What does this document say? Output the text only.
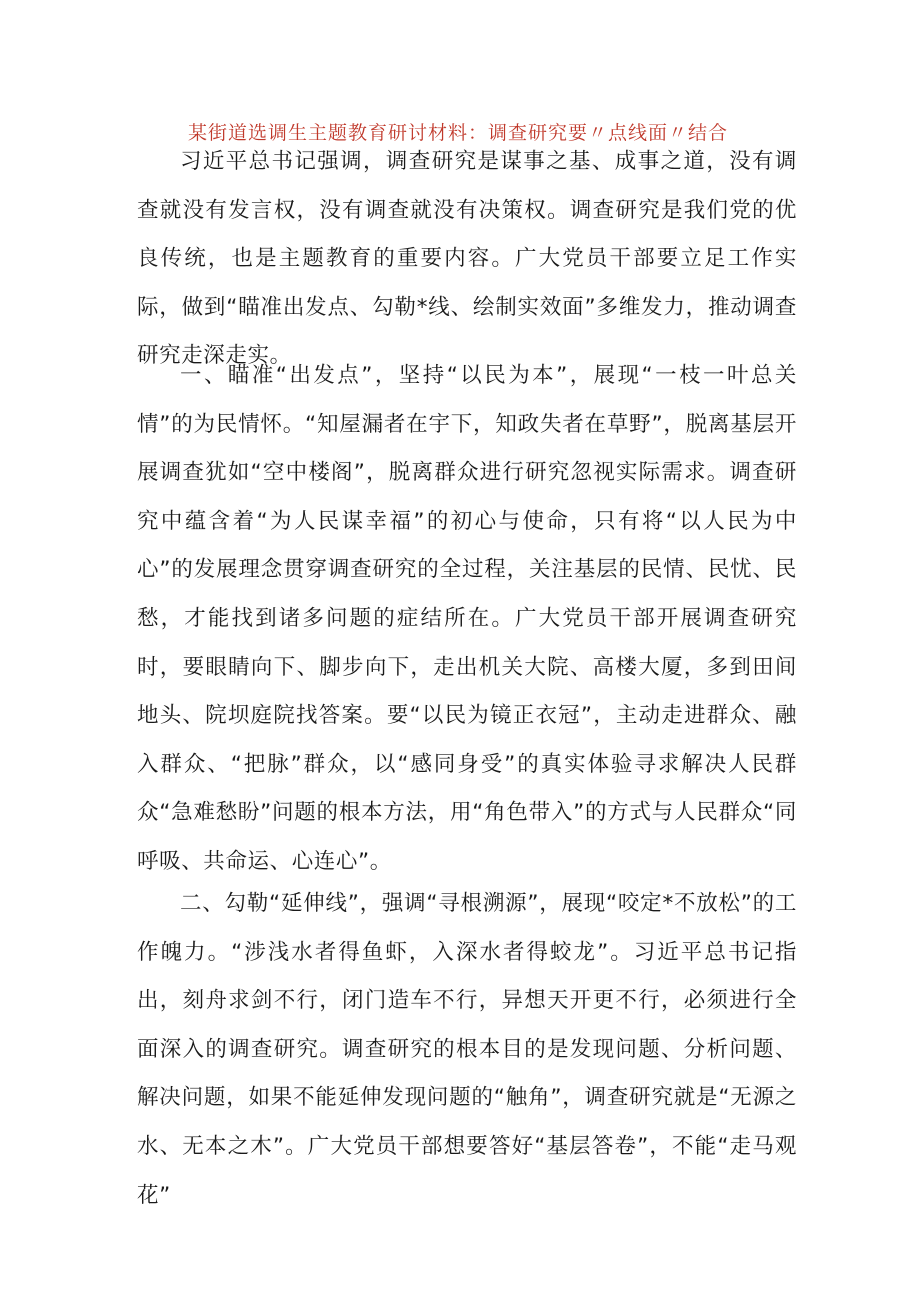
某街道选调生主题教育研讨材料：调查研究要〃点线面〃结合

习近平总书记强调，调查研究是谋事之基、成事之道，没有调查就没有发言权，没有调查就没有决策权。调查研究是我们党的优良传统，也是主题教育的重要内容。广大党员干部要立足工作实际，做到“瞄准出发点、勾勒*线、绘制实效面”多维发力，推动调查研究走深走实。

一、瞄准“出发点”，坚持“以民为本”，展现“一枝一叶总关情”的为民情怀。“知屋漏者在宇下，知政失者在草野”，脱离基层开展调查犹如“空中楼阁”，脱离群众进行研究忽视实际需求。调查研究中蕴含着“为人民谋幸福”的初心与使命，只有将“以人民为中心”的发展理念贯穿调查研究的全过程，关注基层的民情、民忧、民愁，才能找到诸多问题的症结所在。广大党员干部开展调查研究时，要眼睛向下、脚步向下，走出机关大院、高楼大厦，多到田间地头、院坝庭院找答案。要“以民为镜正衣冠”，主动走进群众、融入群众、“把脉”群众，以“感同身受”的真实体验寻求解决人民群众“急难愁盼”问题的根本方法，用“角色带入”的方式与人民群众“同呼吸、共命运、心连心”。

二、勾勒“延伸线”，强调“寻根溯源”，展现“咬定*不放松”的工作魄力。“涉浅水者得鱼虾，入深水者得蛟龙”。习近平总书记指出，刻舟求剑不行，闭门造车不行，异想天开更不行，必须进行全面深入的调查研究。调查研究的根本目的是发现问题、分析问题、解决问题，如果不能延伸发现问题的“触角”，调查研究就是“无源之水、无本之木”。广大党员干部想要答好“基层答卷”，不能“走马观花”
